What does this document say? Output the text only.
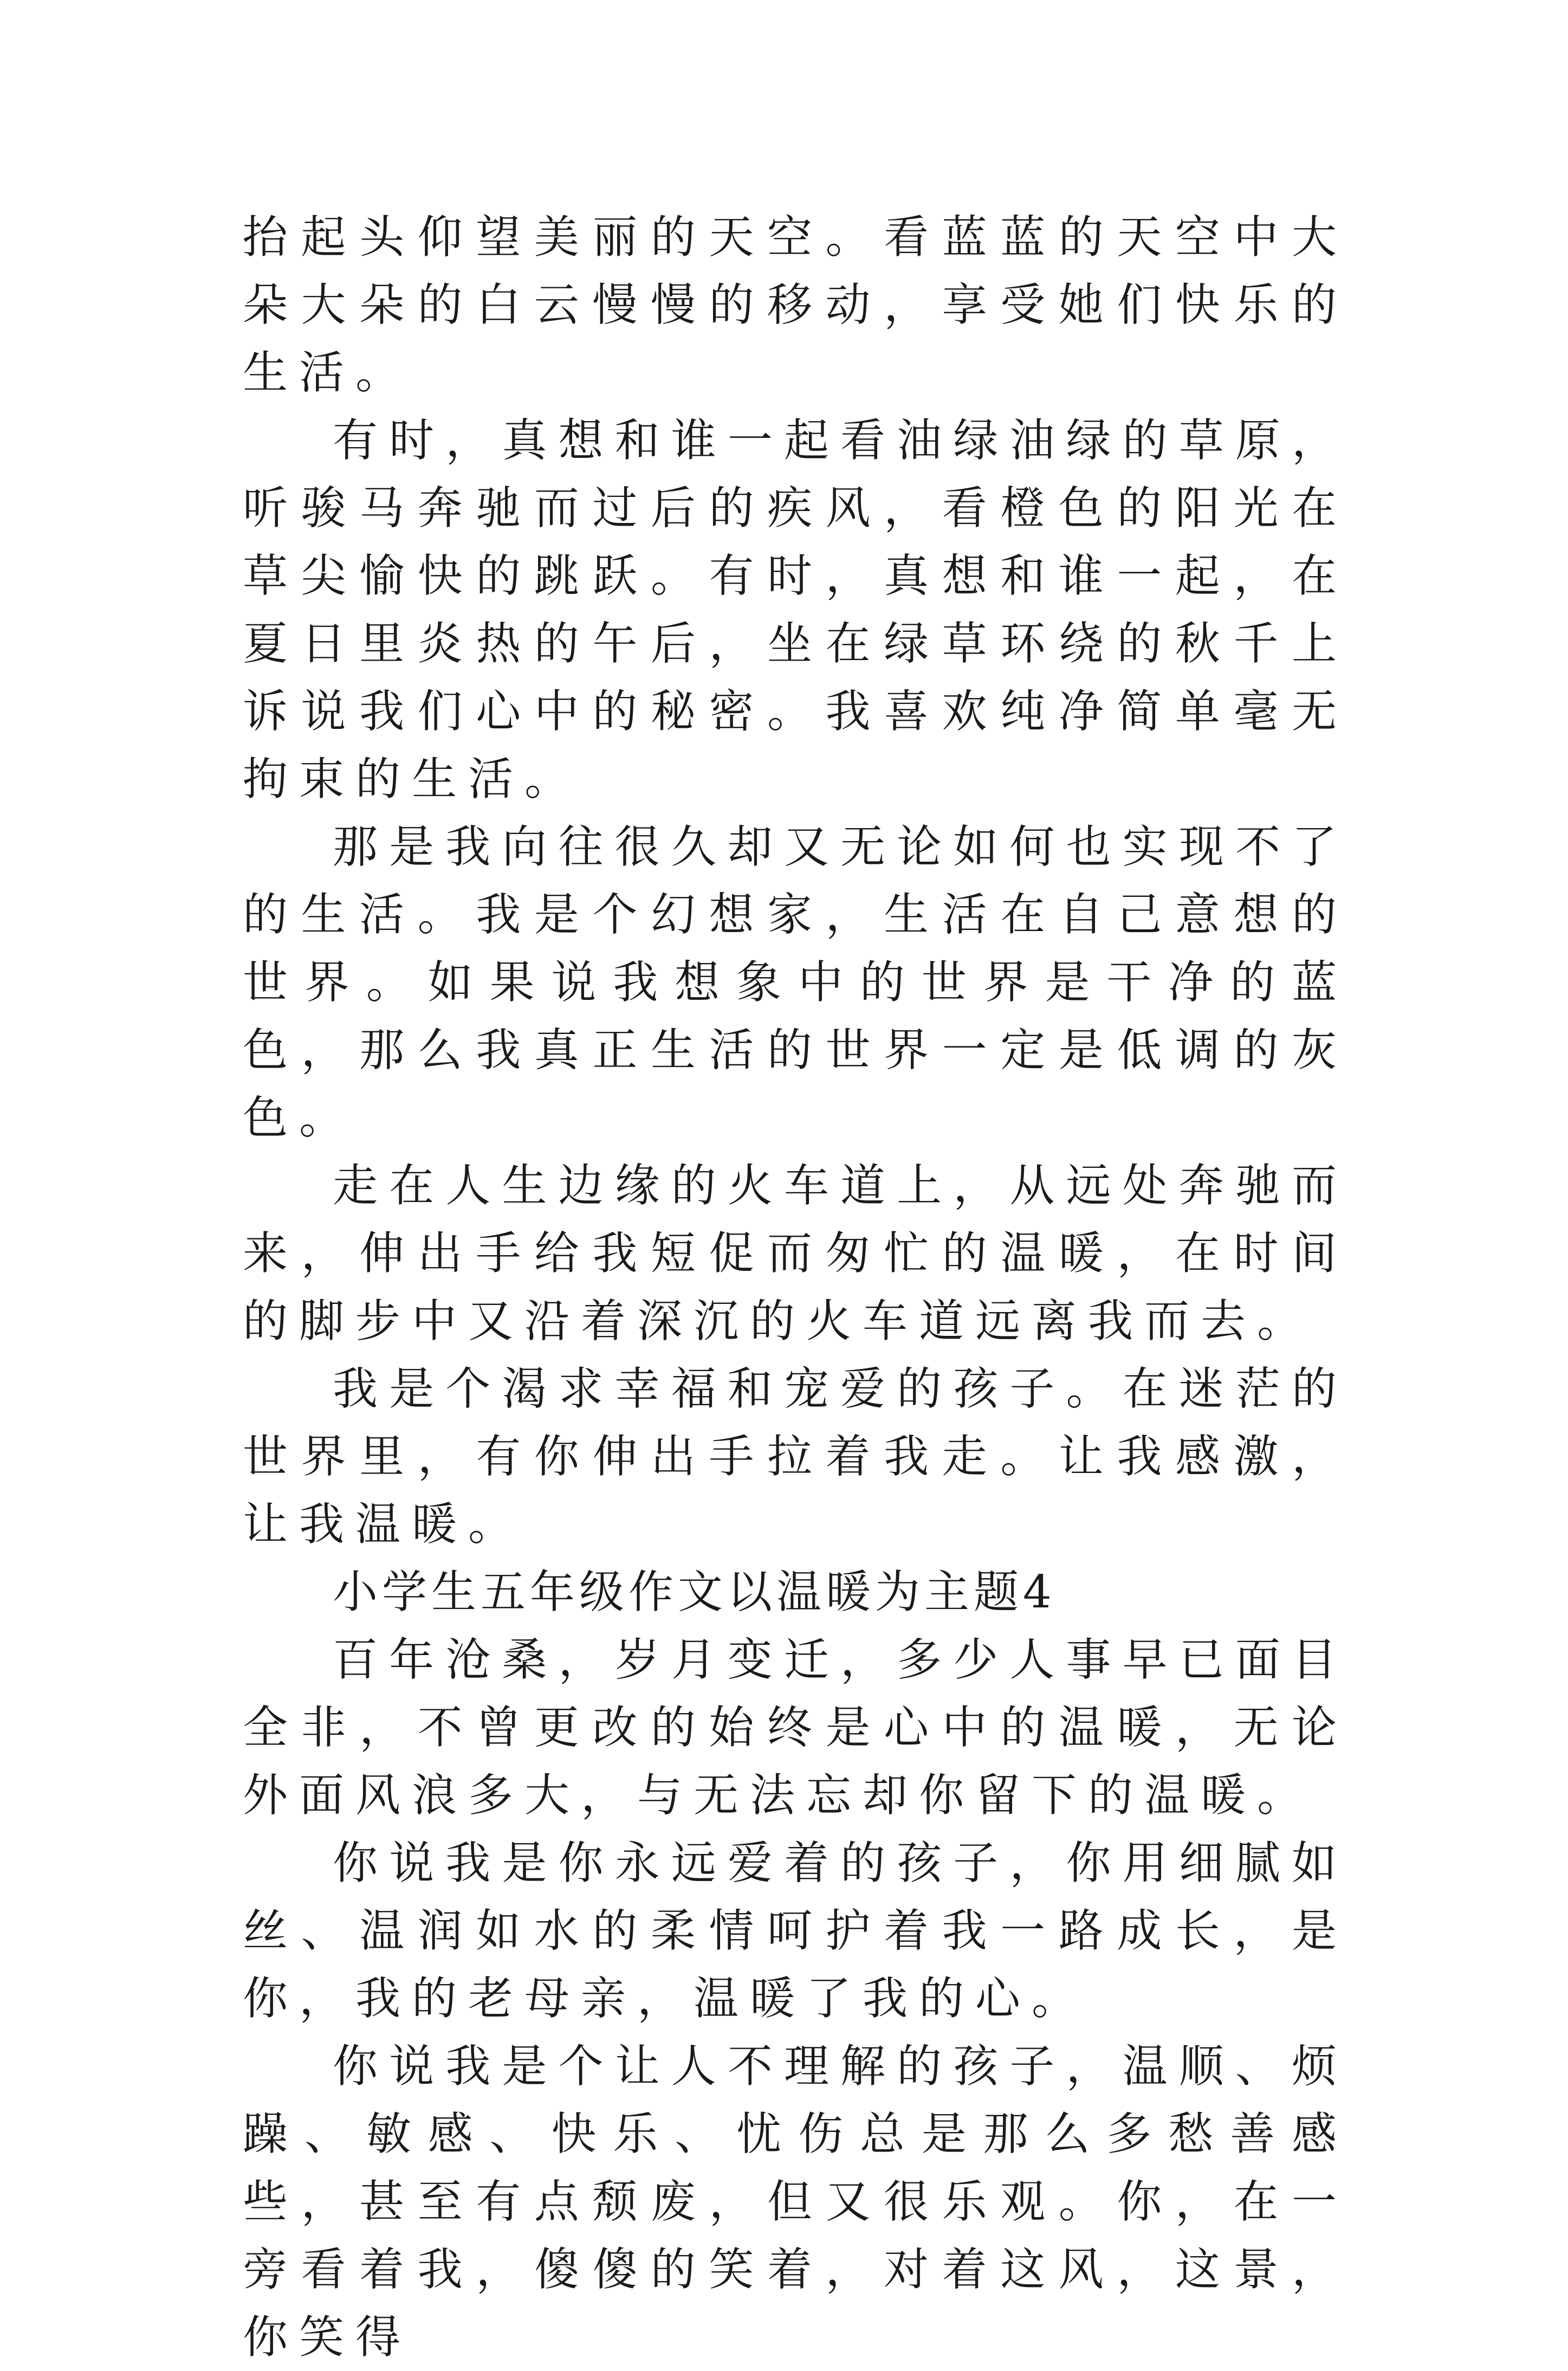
抬起头仰望美丽的天空。看蓝蓝的天空中大朵大朵的白云慢慢的移动，享受她们快乐的生活。

有时，真想和谁一起看油绿油绿的草原，听骏马奔驰而过后的疾风，看橙色的阳光在草尖愉快的跳跃。有时，真想和谁一起，在夏日里炎热的午后，坐在绿草环绕的秋千上诉说我们心中的秘密。我喜欢纯净简单毫无拘束的生活。

那是我向往很久却又无论如何也实现不了的生活。我是个幻想家，生活在自己意想的世界。如果说我想象中的世界是干净的蓝色，那么我真正生活的世界一定是低调的灰色。

走在人生边缘的火车道上，从远处奔驰而来，伸出手给我短促而匆忙的温暖，在时间的脚步中又沿着深沉的火车道远离我而去。

我是个渴求幸福和宠爱的孩子。在迷茫的世界里，有你伸出手拉着我走。让我感激，让我温暖。

小学生五年级作文以温暖为主题4

百年沧桑，岁月变迁，多少人事早已面目全非，不曾更改的始终是心中的温暖，无论外面风浪多大，与无法忘却你留下的温暖。

你说我是你永远爱着的孩子，你用细腻如丝、温润如水的柔情呵护着我一路成长，是你，我的老母亲，温暖了我的心。

你说我是个让人不理解的孩子，温顺、烦躁、敏感、快乐、忧伤总是那么多愁善感些，甚至有点颓废，但又很乐观。你，在一旁看着我，傻傻的笑着，对着这风，这景，你笑得
